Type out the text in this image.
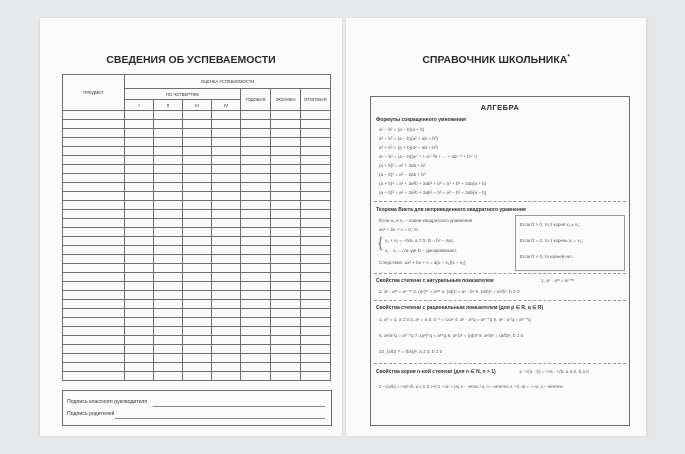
СВЕДЕНИЯ ОБ УСПЕВАЕМОСТИ
ПРЕДМЕТ	ОЦЕНКА УСПЕВАЕМОСТИ						
	ПО ЧЕТВЕРТЯМ				ГОДОВАЯ	ЭКЗАМЕН	ИТОГОВАЯ
	I	II	III	IV			

Подпись классного руководителя
Подпись родителей
СПРАВОЧНИК ШКОЛЬНИКА*
АЛГЕБРА
Формулы сокращенного умножения
a² − b² = (a − b)(a + b)
a³ − b³ = (a − b)(a² + ab + b²)
a³ + b³ = (a + b)(a² − ab + b²)
aⁿ − bⁿ = (a − b)(aⁿ⁻¹ + aⁿ⁻²b + ... + abⁿ⁻² + bⁿ⁻¹)
(a + b)² = a² + 2ab + b²
(a − b)² = a² − 2ab + b²
(a + b)³ = a³ + 3a²b + 3ab² + b³ = a³ + b³ + 3ab(a + b)
(a − b)³ = a³ − 3a²b + 3ab² − b³ = a³ − b³ − 3ab(a − b)
Теорема Виета для неприведенного квадратного уравнения
Если x₁ и x₂ − корни квадратного уравнения
ax² + bx + c = 0, то
{ x₁ + x₂ = −b/a, a ≠ 0, D = b² − 4ac,
x₁ · x₂ = c/a где D − дискриминант.
Следствие: ax² + bx + c = a(x − x₁)(x − x₂)
Если D > 0, то 2 корня x₁ ≠ x₂;
Если D = 0, то 1 корень x₁ = x₂;
Если D < 0, то корней нет.
Свойства степени с натуральным показателем	1. aⁿ · aᵐ = aⁿ⁺ᵐ
2. aⁿ : aᵐ = aⁿ⁻ᵐ 3. (aⁿ)ᵐ = aⁿᵐ 4. (ab)ⁿ = aⁿ · bⁿ 5. (a/b)ⁿ = aⁿ/bⁿ, b ≠ 0
Свойства степени с рациональным показателем (для p ∈ R, q ∈ R)
1. a⁰ = 1, a ≠ 0 2. a¹ = a 3. a⁻ⁿ = 1/aⁿ 4. aᵖ · a^q = aᵖ⁺^q 5. aᵖ : a^q = aᵖ⁻^q
6. aᵖ/a^q = aᵖ⁻^q 7. (aᵖ)^q = aᵖ^q 8. aᵖ bᵖ = (ab)ᵖ 9. aᵖ/bᵖ = (a/b)ᵖ, b ≠ 0
10. (a/b)⁻ᵖ = (b/a)ᵖ, a ≠ 0, b ≠ 0
Свойства корня n-ной степени (для n ∈ N, n > 1)	1. ⁿ√(a · b) = ⁿ√a · ⁿ√b, a ≥ 0, b ≥ 0
2. ⁿ√(a/b) = ⁿ√a/ⁿ√b, a ≥ 0, b > 0 3. ⁿ√aⁿ = |a|, n − четно / a, n − нечетно 4. ⁿ√(−a) = −ⁿ√a, n − нечетно
